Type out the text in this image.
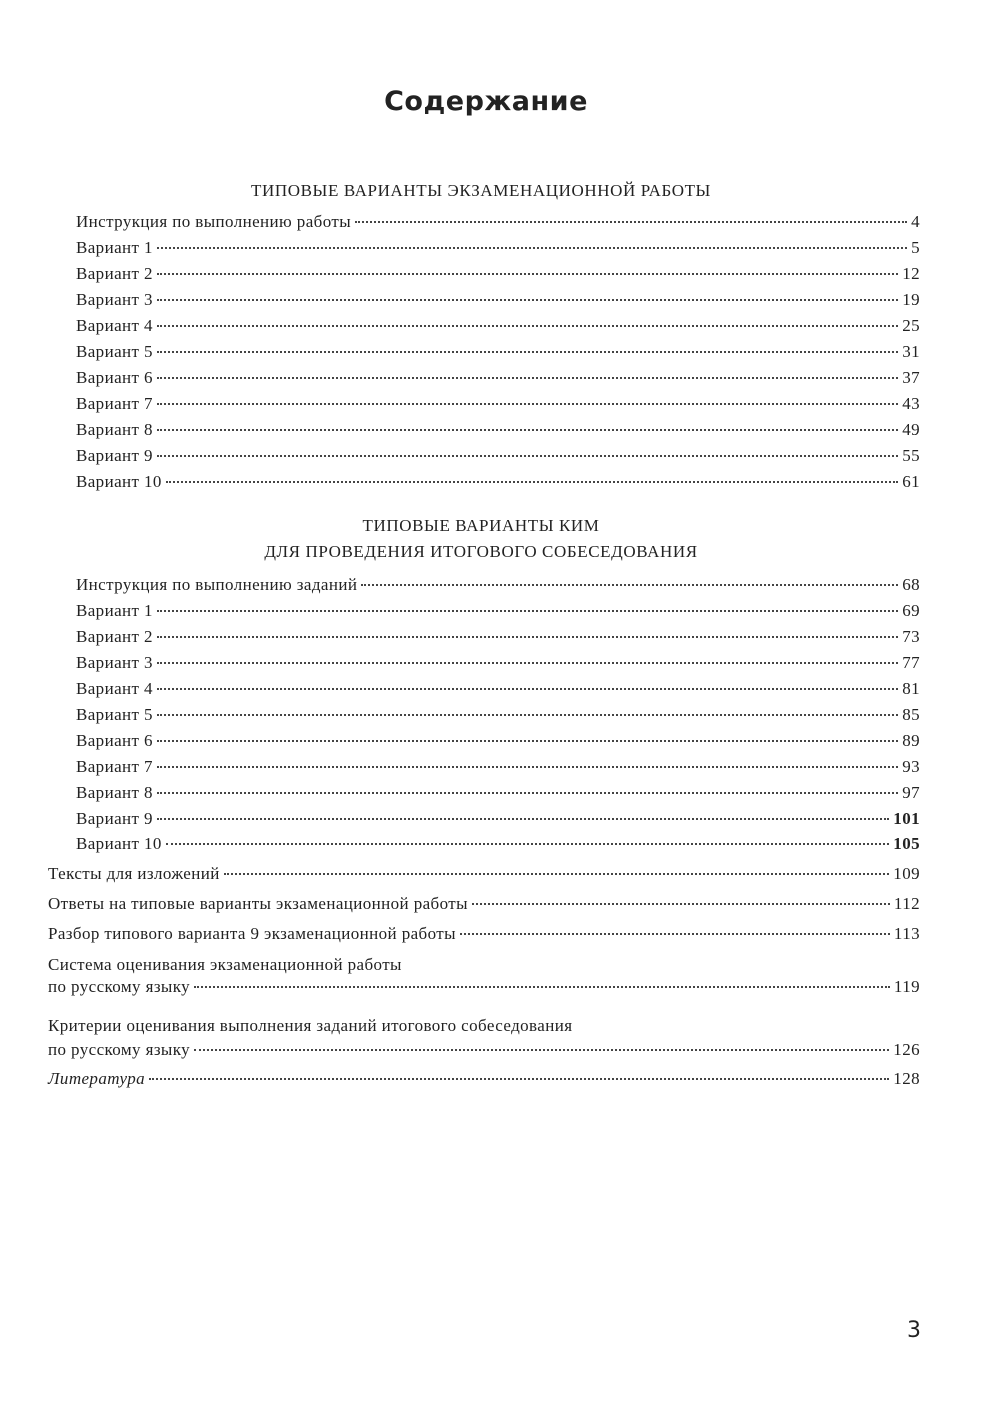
Содержание
ТИПОВЫЕ ВАРИАНТЫ ЭКЗАМЕНАЦИОННОЙ РАБОТЫ
Инструкция по выполнению работы	4
Вариант 1	5
Вариант 2	12
Вариант 3	19
Вариант 4	25
Вариант 5	31
Вариант 6	37
Вариант 7	43
Вариант 8	49
Вариант 9	55
Вариант 10	61
ТИПОВЫЕ ВАРИАНТЫ КИМ
ДЛЯ ПРОВЕДЕНИЯ ИТОГОВОГО СОБЕСЕДОВАНИЯ
Инструкция по выполнению заданий	68
Вариант 1	69
Вариант 2	73
Вариант 3	77
Вариант 4	81
Вариант 5	85
Вариант 6	89
Вариант 7	93
Вариант 8	97
Вариант 9	101
Вариант 10	105
Тексты для изложений	109
Ответы на типовые варианты экзаменационной работы	112
Разбор типового варианта 9 экзаменационной работы	113
Система оценивания экзаменационной работы
по русскому языку	119
Критерии оценивания выполнения заданий итогового собеседования
по русскому языку	126
Литература	128
3
